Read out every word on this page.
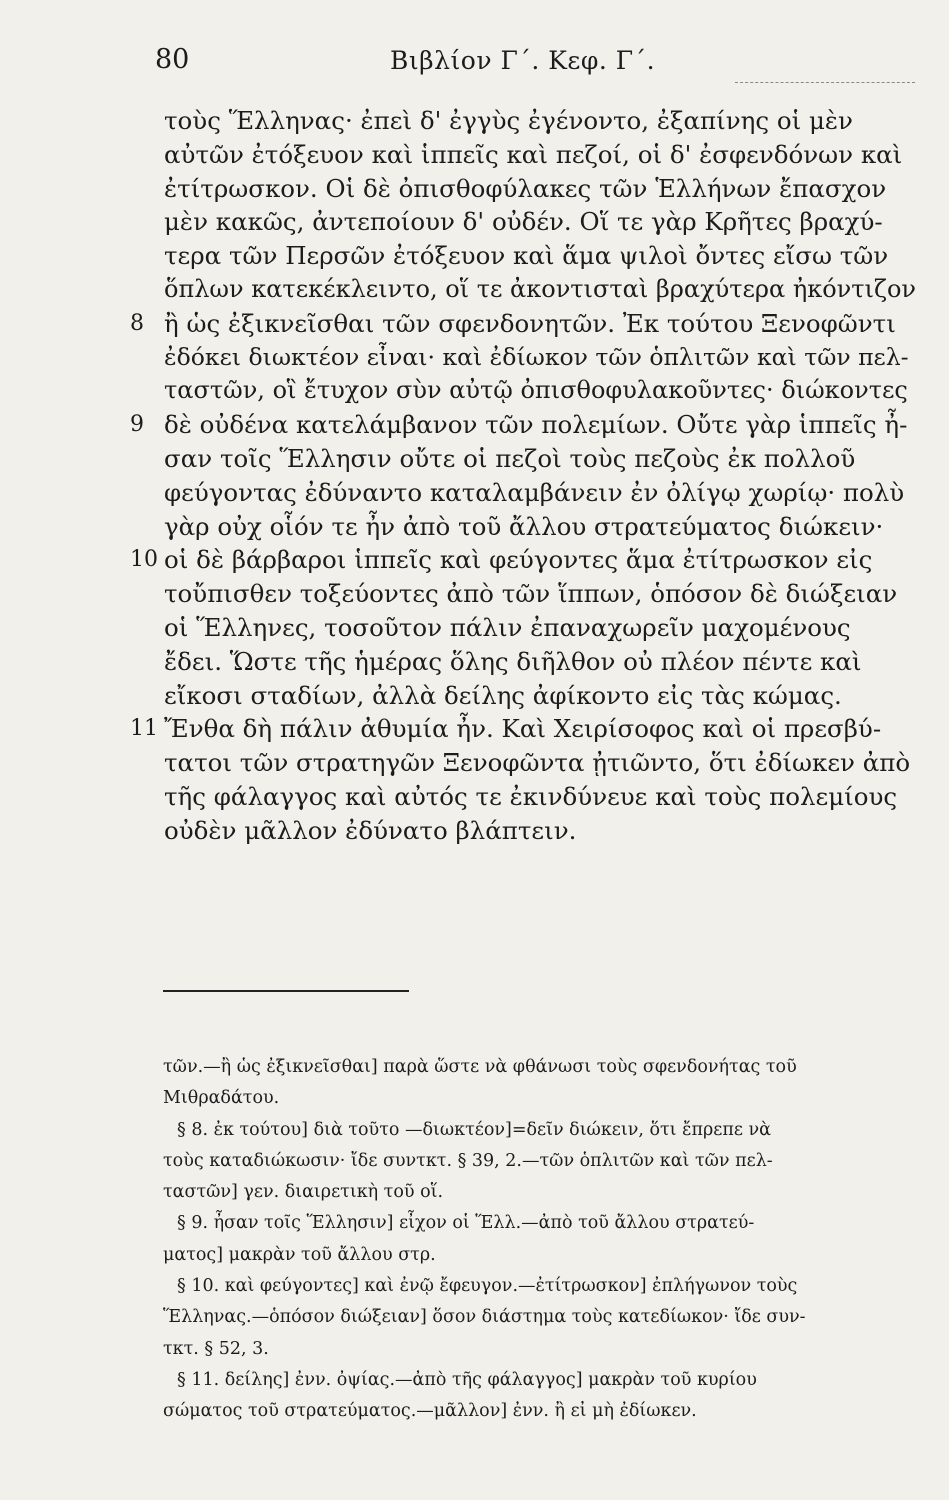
80	Βιβλίον Γ΄. Κεφ. Γ΄.
τοὺς Ἕλληνας· ἐπεὶ δ' ἐγγὺς ἐγένοντο, ἐξαπίνης οἱ μὲν
αὐτῶν ἐτόξευον καὶ ἱππεῖς καὶ πεζοί, οἱ δ' ἐσφενδόνων καὶ
ἐτίτρωσκον. Οἱ δὲ ὀπισθοφύλακες τῶν Ἑλλήνων ἔπασχον
μὲν κακῶς, ἀντεποίουν δ' οὐδέν. Οἵ τε γὰρ Κρῆτες βραχύ-
τερα τῶν Περσῶν ἐτόξευον καὶ ἅμα ψιλοὶ ὄντες εἴσω τῶν
ὅπλων κατεκέκλειντο, οἵ τε ἀκοντισταὶ βραχύτερα ἠκόντιζον
8 ἢ ὡς ἐξικνεῖσθαι τῶν σφενδονητῶν. Ἐκ τούτου Ξενοφῶντι
ἐδόκει διωκτέον εἶναι· καὶ ἐδίωκον τῶν ὁπλιτῶν καὶ τῶν πελ-
ταστῶν, οἳ ἔτυχον σὺν αὐτῷ ὀπισθοφυλακοῦντες· διώκοντες
9 δὲ οὐδένα κατελάμβανον τῶν πολεμίων. Οὔτε γὰρ ἱππεῖς ἦ-
σαν τοῖς Ἕλλησιν οὔτε οἱ πεζοὶ τοὺς πεζοὺς ἐκ πολλοῦ
φεύγοντας ἐδύναντο καταλαμβάνειν ἐν ὀλίγῳ χωρίῳ· πολὺ
γὰρ οὐχ οἷόν τε ἦν ἀπὸ τοῦ ἄλλου στρατεύματος διώκειν·
10 οἱ δὲ βάρβαροι ἱππεῖς καὶ φεύγοντες ἅμα ἐτίτρωσκον εἰς
τοὔπισθεν τοξεύοντες ἀπὸ τῶν ἵππων, ὁπόσον δὲ διώξειαν
οἱ Ἕλληνες, τοσοῦτον πάλιν ἐπαναχωρεῖν μαχομένους
ἔδει. Ὥστε τῆς ἡμέρας ὅλης διῆλθον οὐ πλέον πέντε καὶ
εἴκοσι σταδίων, ἀλλὰ δείλης ἀφίκοντο εἰς τὰς κώμας.
11 Ἔνθα δὴ πάλιν ἀθυμία ἦν. Καὶ Χειρίσοφος καὶ οἱ πρεσβύ-
τατοι τῶν στρατηγῶν Ξενοφῶντα ᾐτιῶντο, ὅτι ἐδίωκεν ἀπὸ
τῆς φάλαγγος καὶ αὐτός τε ἐκινδύνευε καὶ τοὺς πολεμίους
οὐδὲν μᾶλλον ἐδύνατο βλάπτειν.
τῶν.—ἢ ὡς ἐξικνεῖσθαι] παρὰ ὥστε νὰ φθάνωσι τοὺς σφενδονήτας τοῦ
Μιθραδάτου.
§ 8. ἐκ τούτου] διὰ τοῦτο —διωκτέον]=δεῖν διώκειν, ὅτι ἔπρεπε νὰ
τοὺς καταδιώκωσιν· ἴδε συντκτ. § 39, 2.—τῶν ὁπλιτῶν καὶ τῶν πελ-
ταστῶν] γεν. διαιρετικὴ τοῦ οἵ.
§ 9. ἦσαν τοῖς Ἕλλησιν] εἶχον οἱ Ἕλλ.—ἀπὸ τοῦ ἄλλου στρατεύ-
ματος] μακρὰν τοῦ ἄλλου στρ.
§ 10. καὶ φεύγοντες] καὶ ἐνῷ ἔφευγον.—ἐτίτρωσκον] ἐπλήγωνον τοὺς
Ἕλληνας.—ὁπόσον διώξειαν] ὅσον διάστημα τοὺς κατεδίωκον· ἴδε συν-
τκτ. § 52, 3.
§ 11. δείλης] ἐνν. ὀψίας.—ἀπὸ τῆς φάλαγγος] μακρὰν τοῦ κυρίου
σώματος τοῦ στρατεύματος.—μᾶλλον] ἐνν. ἢ εἰ μὴ ἐδίωκεν.
